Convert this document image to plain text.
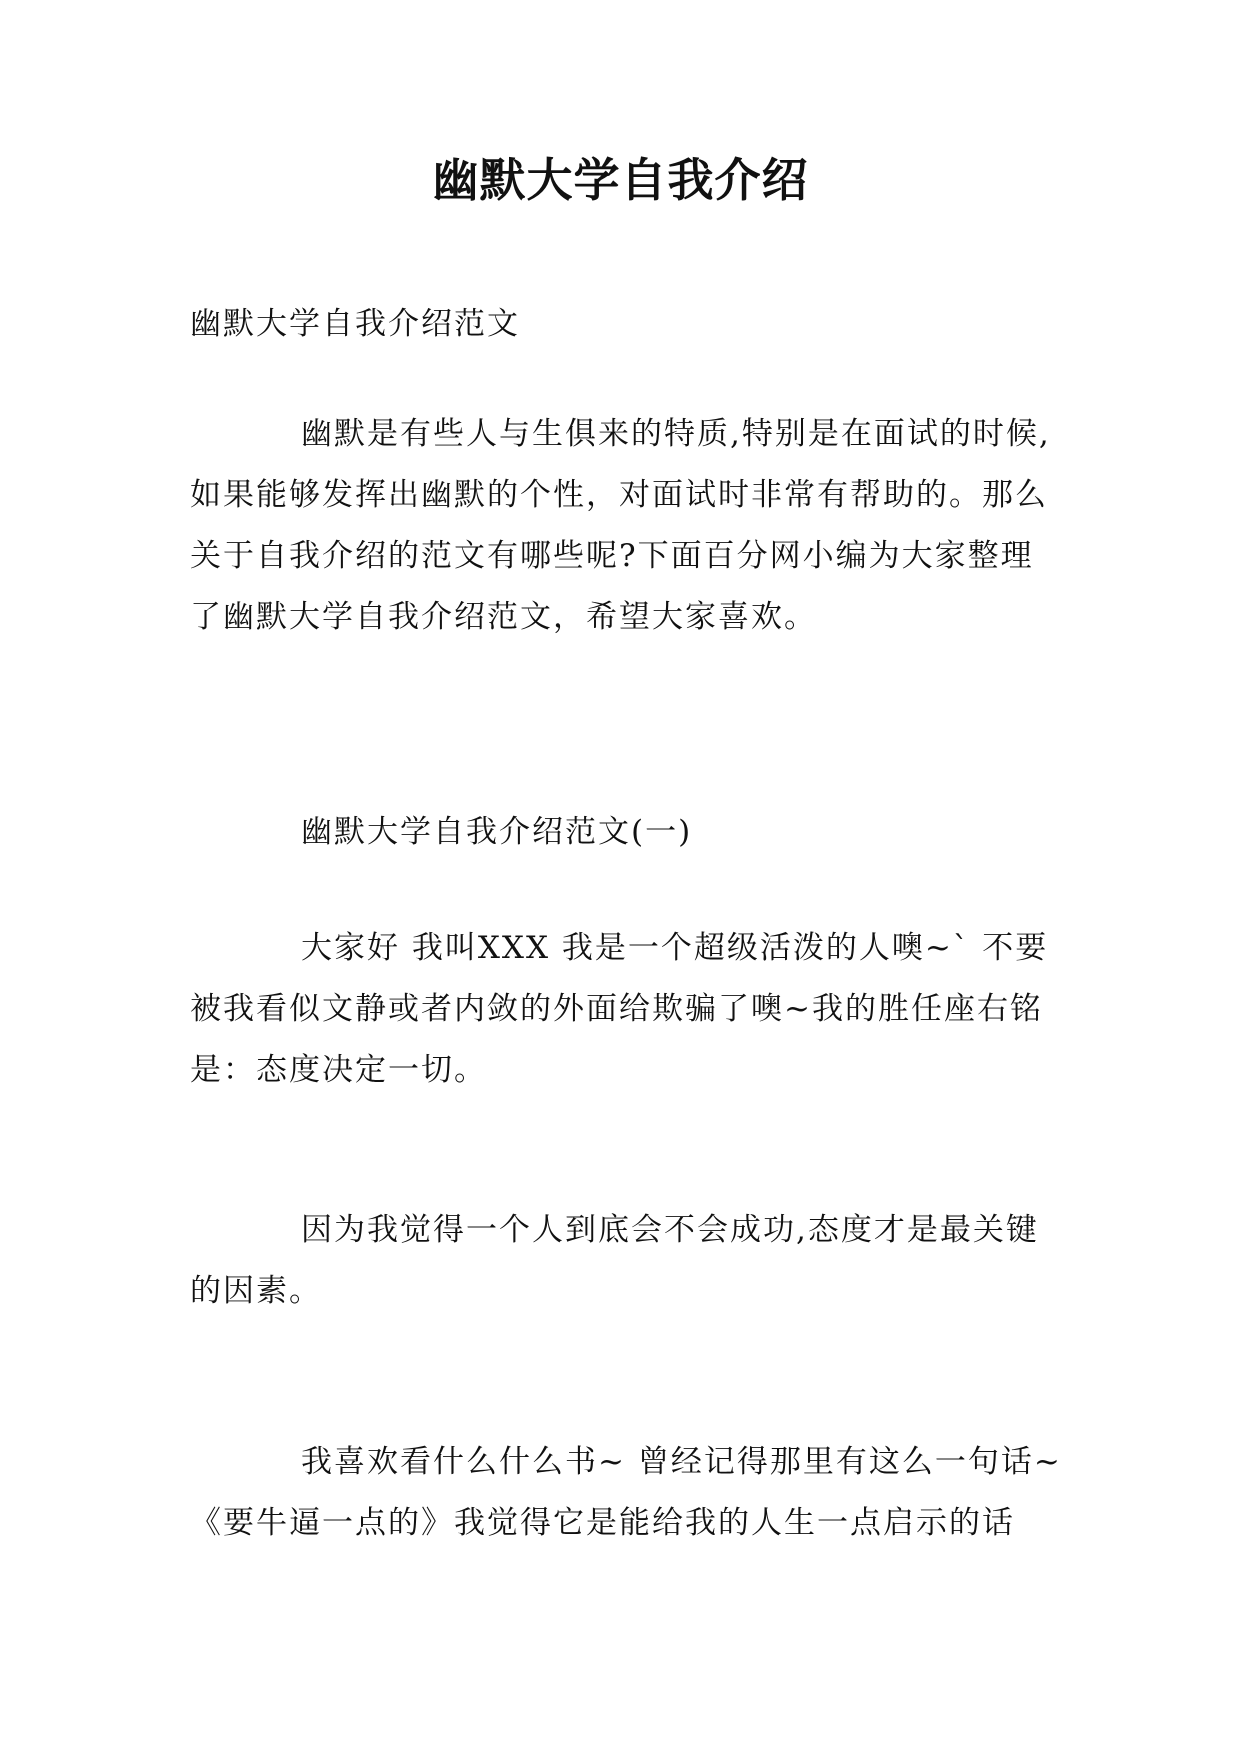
幽默大学自我介绍
幽默大学自我介绍范文
幽默是有些人与生俱来的特质,特别是在面试的时候,
如果能够发挥出幽默的个性，对面试时非常有帮助的。那么
关于自我介绍的范文有哪些呢?下面百分网小编为大家整理
了幽默大学自我介绍范文，希望大家喜欢。
幽默大学自我介绍范文(一)
大家好 我叫XXX 我是一个超级活泼的人噢~` 不要
被我看似文静或者内敛的外面给欺骗了噢~我的胜任座右铭
是：态度决定一切。
因为我觉得一个人到底会不会成功,态度才是最关键
的因素。
我喜欢看什么什么书~ 曾经记得那里有这么一句话~
《要牛逼一点的》我觉得它是能给我的人生一点启示的话
